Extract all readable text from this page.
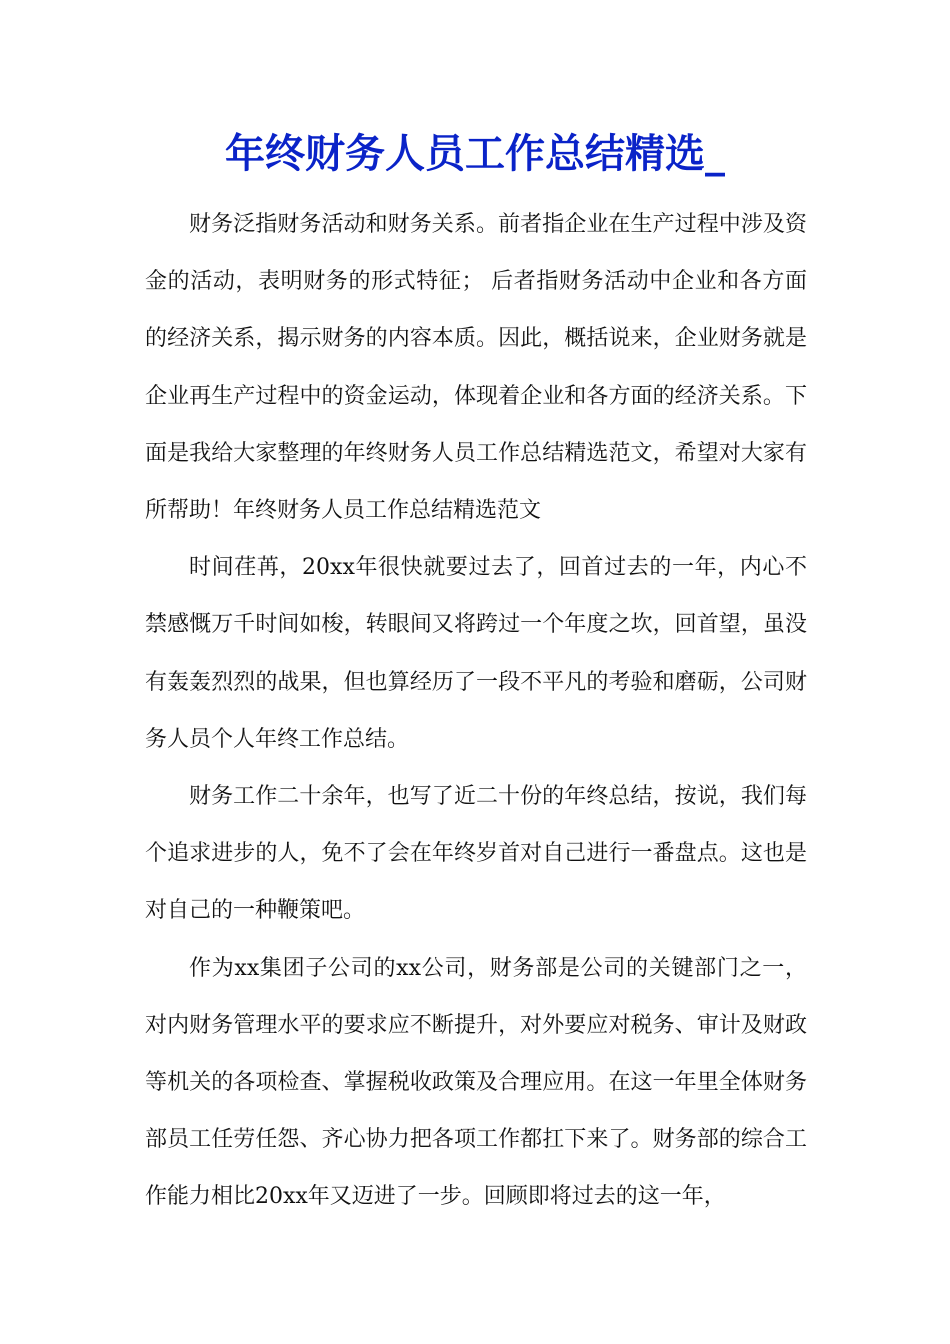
年终财务人员工作总结精选_

财务泛指财务活动和财务关系。前者指企业在生产过程中涉及资金的活动，表明财务的形式特征； 后者指财务活动中企业和各方面的经济关系，揭示财务的内容本质。因此，概括说来，企业财务就是企业再生产过程中的资金运动，体现着企业和各方面的经济关系。下面是我给大家整理的年终财务人员工作总结精选范文，希望对大家有所帮助！年终财务人员工作总结精选范文

时间荏苒，20xx年很快就要过去了，回首过去的一年，内心不禁感慨万千时间如梭，转眼间又将跨过一个年度之坎，回首望，虽没有轰轰烈烈的战果，但也算经历了一段不平凡的考验和磨砺，公司财务人员个人年终工作总结。

财务工作二十余年，也写了近二十份的年终总结，按说，我们每个追求进步的人，免不了会在年终岁首对自己进行一番盘点。这也是对自己的一种鞭策吧。

作为xx集团子公司的xx公司，财务部是公司的关键部门之一，对内财务管理水平的要求应不断提升，对外要应对税务、审计及财政等机关的各项检查、掌握税收政策及合理应用。在这一年里全体财务部员工任劳任怨、齐心协力把各项工作都扛下来了。财务部的综合工作能力相比20xx年又迈进了一步。回顾即将过去的这一年，
